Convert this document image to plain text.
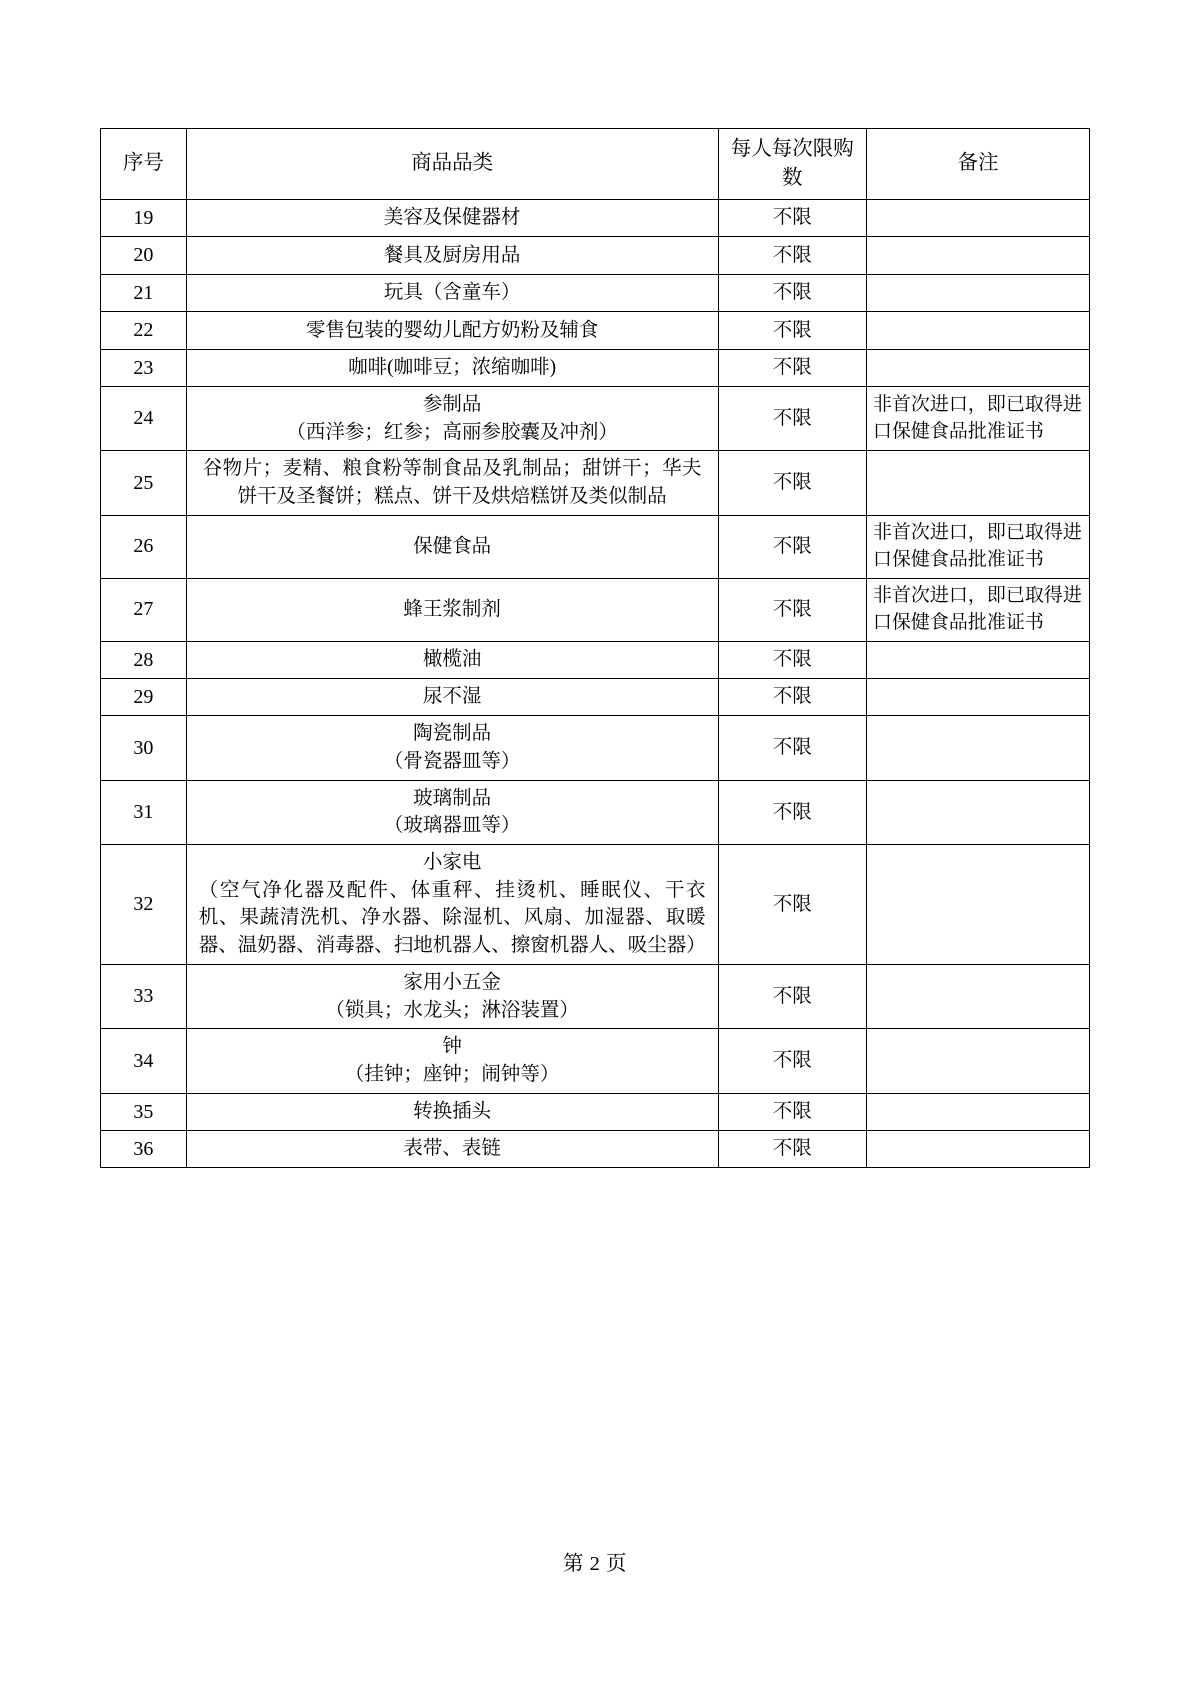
序号	商品品类	每人每次限购数	备注
19	美容及保健器材	不限	
20	餐具及厨房用品	不限	
21	玩具（含童车）	不限	
22	零售包装的婴幼儿配方奶粉及辅食	不限	
23	咖啡(咖啡豆；浓缩咖啡)	不限	
24	参制品
（西洋参；红参；高丽参胶囊及冲剂）	不限	非首次进口，即已取得进口保健食品批准证书
25	谷物片；麦精、粮食粉等制食品及乳制品；甜饼干；华夫饼干及圣餐饼；糕点、饼干及烘焙糕饼及类似制品	不限	
26	保健食品	不限	非首次进口，即已取得进口保健食品批准证书
27	蜂王浆制剂	不限	非首次进口，即已取得进口保健食品批准证书
28	橄榄油	不限	
29	尿不湿	不限	
30	陶瓷制品
（骨瓷器皿等）	不限	
31	玻璃制品
（玻璃器皿等）	不限	
32	小家电
（空气净化器及配件、体重秤、挂烫机、睡眠仪、干衣机、果蔬清洗机、净水器、除湿机、风扇、加湿器、取暖器、温奶器、消毒器、扫地机器人、擦窗机器人、吸尘器）	不限	
33	家用小五金
（锁具；水龙头；淋浴装置）	不限	
34	钟
（挂钟；座钟；闹钟等）	不限	
35	转换插头	不限	
36	表带、表链	不限	
第 2 页
